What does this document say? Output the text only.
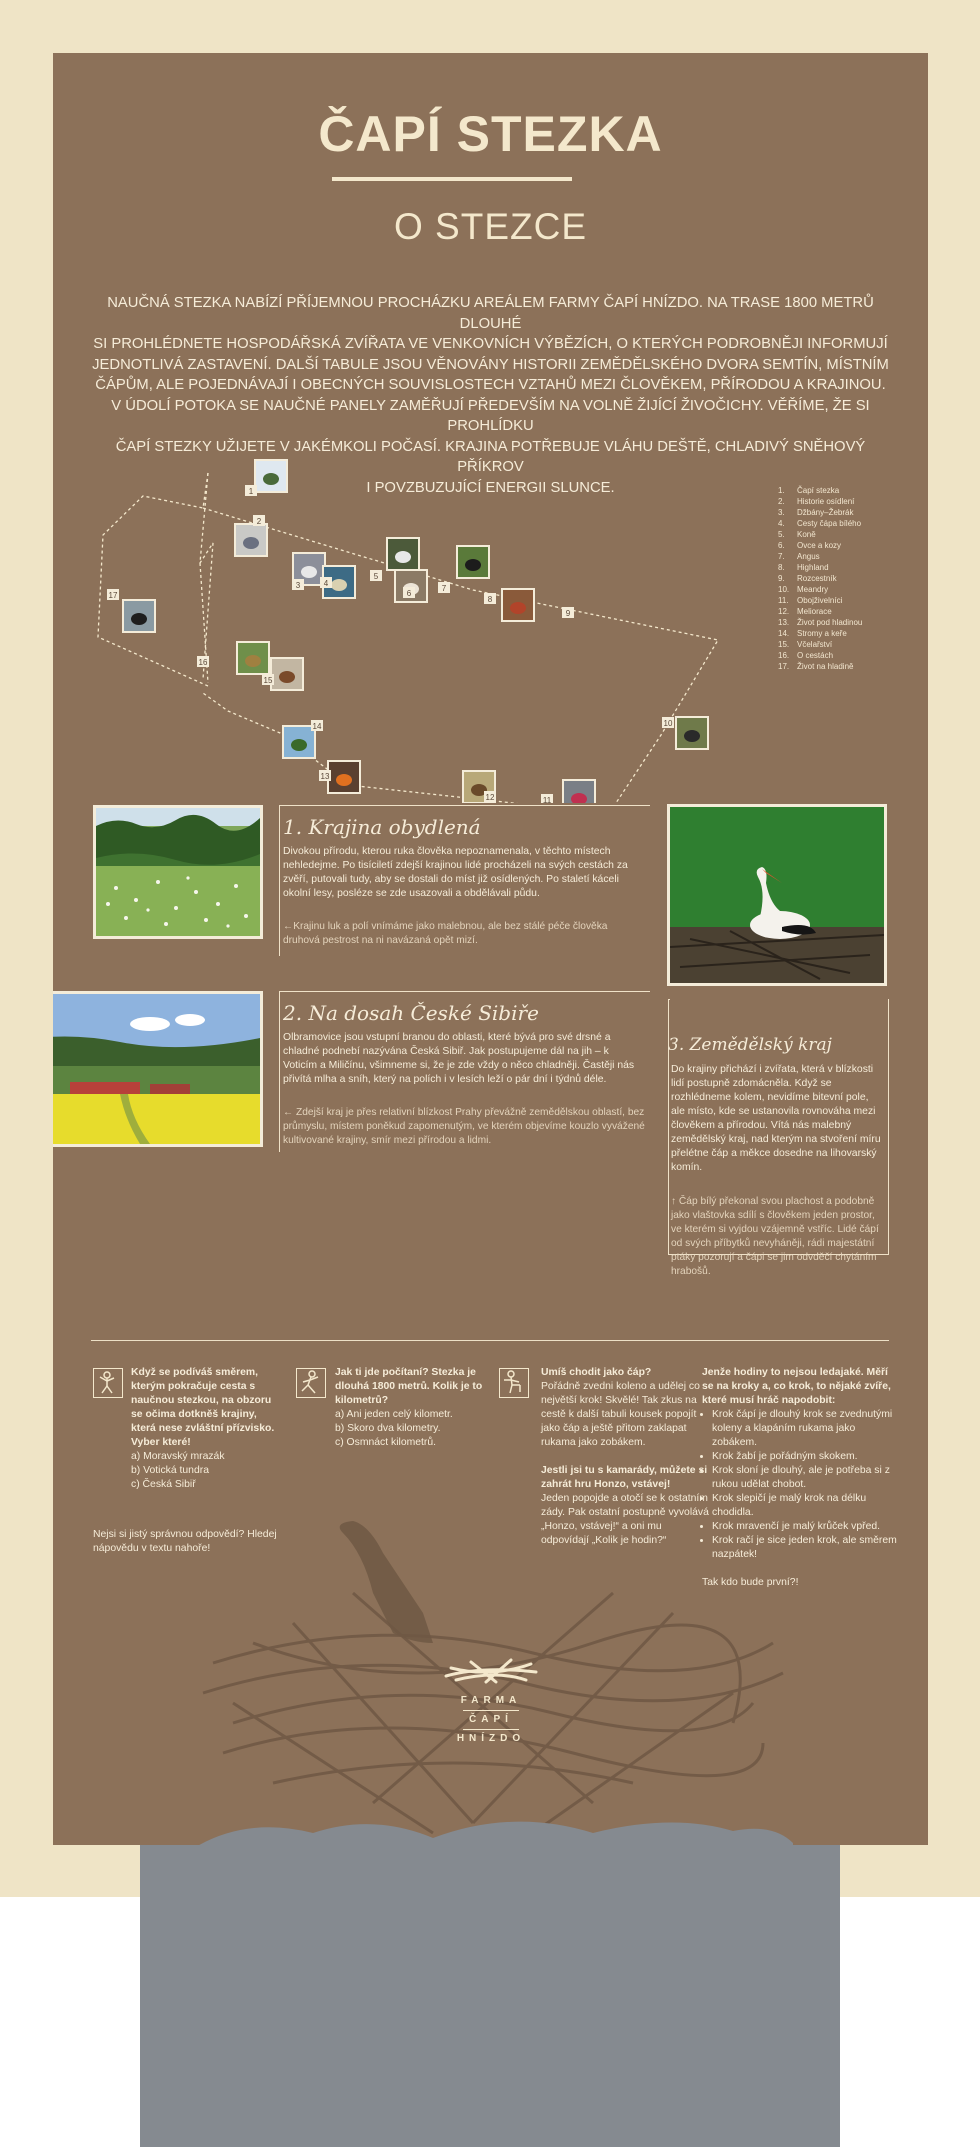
ČAPÍ STEZKA
O STEZCE
NAUČNÁ STEZKA NABÍZÍ PŘÍJEMNOU PROCHÁZKU AREÁLEM FARMY ČAPÍ HNÍZDO. NA TRASE 1800 METRŮ DLOUHÉ
SI PROHLÉDNETE HOSPODÁŘSKÁ ZVÍŘATA VE VENKOVNÍCH VÝBĚZÍCH, O KTERÝCH PODROBNĚJI INFORMUJÍ
JEDNOTLIVÁ ZASTAVENÍ. DALŠÍ TABULE JSOU VĚNOVÁNY HISTORII ZEMĚDĚLSKÉHO DVORA SEMTÍN, MÍSTNÍM
ČÁPŮM, ALE POJEDNÁVAJÍ I OBECNÝCH SOUVISLOSTECH VZTAHŮ MEZI ČLOVĚKEM, PŘÍRODOU A KRAJINOU.
V ÚDOLÍ POTOKA SE NAUČNÉ PANELY ZAMĚŘUJÍ PŘEDEVŠÍM NA VOLNĚ ŽIJÍCÍ ŽIVOČICHY. VĚŘÍME, ŽE SI PROHLÍDKU
ČAPÍ STEZKY UŽIJETE V JAKÉMKOLI POČASÍ. KRAJINA POTŘEBUJE VLÁHU DEŠTĚ, CHLADIVÝ SNĚHOVÝ PŘÍKROV
I POVZBUZUJÍCÍ ENERGII SLUNCE.
1
2
3	4
5
6
7
8
9
10
11
12
13
14
15
16
17
1.	Čapí stezka
2.	Historie osídlení
3.	Džbány–Žebrák
4.	Cesty čápa bílého
5.	Koně
6.	Ovce a kozy
7.	Angus
8.	Highland
9.	Rozcestník
10. Meandry
11.	Obojživelníci
12. Meliorace
13. Život pod hladinou
14. Stromy a keře
15. Včelařství
16. O cestách
17. Život na hladině
1. Krajina obydlená
Divokou přírodu, kterou ruka člověka nepoznamenala, v těchto místech nehledejme. Po tisíciletí zdejší krajinou lidé procházeli na svých cestách za zvěří, putovali tudy, aby se dostali do míst již osídlených. Po staletí káceli okolní lesy, posléze se zde usazovali a obdělávali půdu.
←Krajinu luk a polí vnímáme jako malebnou, ale bez stálé péče člověka druhová pestrost na ni navázaná opět mizí.
2. Na dosah České Sibiře
Olbramovice jsou vstupní branou do oblasti, které bývá pro své drsné a chladné podnebí nazývána Česká Sibiř. Jak postupujeme dál na jih – k Voticím a Miličínu, všimneme si, že je zde vždy o něco chladněji. Častěji nás přivítá mlha a sníh, který na polích i v lesích leží o pár dní i týdnů déle.
← Zdejší kraj je přes relativní blízkost Prahy převážně zemědělskou oblastí, bez průmyslu, místem poněkud zapomenutým, ve kterém objevíme kouzlo vyvážené kultivované krajiny, smír mezi přírodou a lidmi.
3. Zemědělský kraj
Do krajiny přichází i zvířata, která v blízkosti lidí postupně zdomácněla. Když se rozhlédneme kolem, nevidíme bitevní pole, ale místo, kde se ustanovila rovnováha mezi člověkem a přírodou. Vítá nás malebný zemědělský kraj, nad kterým na stvoření míru přelétne čáp a měkce dosedne na lihovarský komín.
↑ Čáp bílý překonal svou plachost a podobně jako vlaštovka sdílí s člověkem jeden prostor, ve kterém si vyjdou vzájemně vstříc. Lidé čápí od svých příbytků nevyháněji, rádi majestátní ptáky pozorují a čápi se jim odvděčí chytáním hrabošů.
Když se podíváš směrem, kterým pokračuje cesta s naučnou stezkou, na obzoru se očima dotkněš krajiny, která nese zvláštní přízvisko. Vyber které!
a) Moravský mrazák
b) Votická tundra
c) Česká Sibiř
Nejsi si jistý správnou odpovědí? Hledej nápovědu v textu nahoře!
Jak ti jde počítaní? Stezka je dlouhá 1800 metrů. Kolik je to kilometrů?
a) Ani jeden celý kilometr.
b) Skoro dva kilometry.
c) Osmnáct kilometrů.
Umíš chodit jako čáp?
Pořádně zvedni koleno a udělej co největší krok! Skvělé! Tak zkus na cestě k další tabuli kousek popojít jako čáp a ještě přitom zaklapat rukama jako zobákem.
Jestli jsi tu s kamarády, můžete si zahrát hru Honzo, vstávej!
Jeden popojde a otočí se k ostatním zády. Pak ostatní postupně vyvolává „Honzo, vstávej!“ a oni mu odpovídají „Kolik je hodin?“
Jenže hodiny to nejsou ledajaké. Měří se na kroky a, co krok, to nějaké zvíře, které musí hráč napodobit:
• Krok čápí je dlouhý krok se zvednutými koleny a klapáním rukama jako zobákem.
• Krok žabí je pořádným skokem.
• Krok sloní je dlouhý, ale je potřeba si z rukou udělat chobot.
• Krok slepičí je malý krok na délku chodidla.
• Krok mravenčí je malý krůček vpřed.
• Krok račí je sice jeden krok, ale směrem nazpátek!
Tak kdo bude první?!
FARMA
ČAPÍ
HNÍZDO
